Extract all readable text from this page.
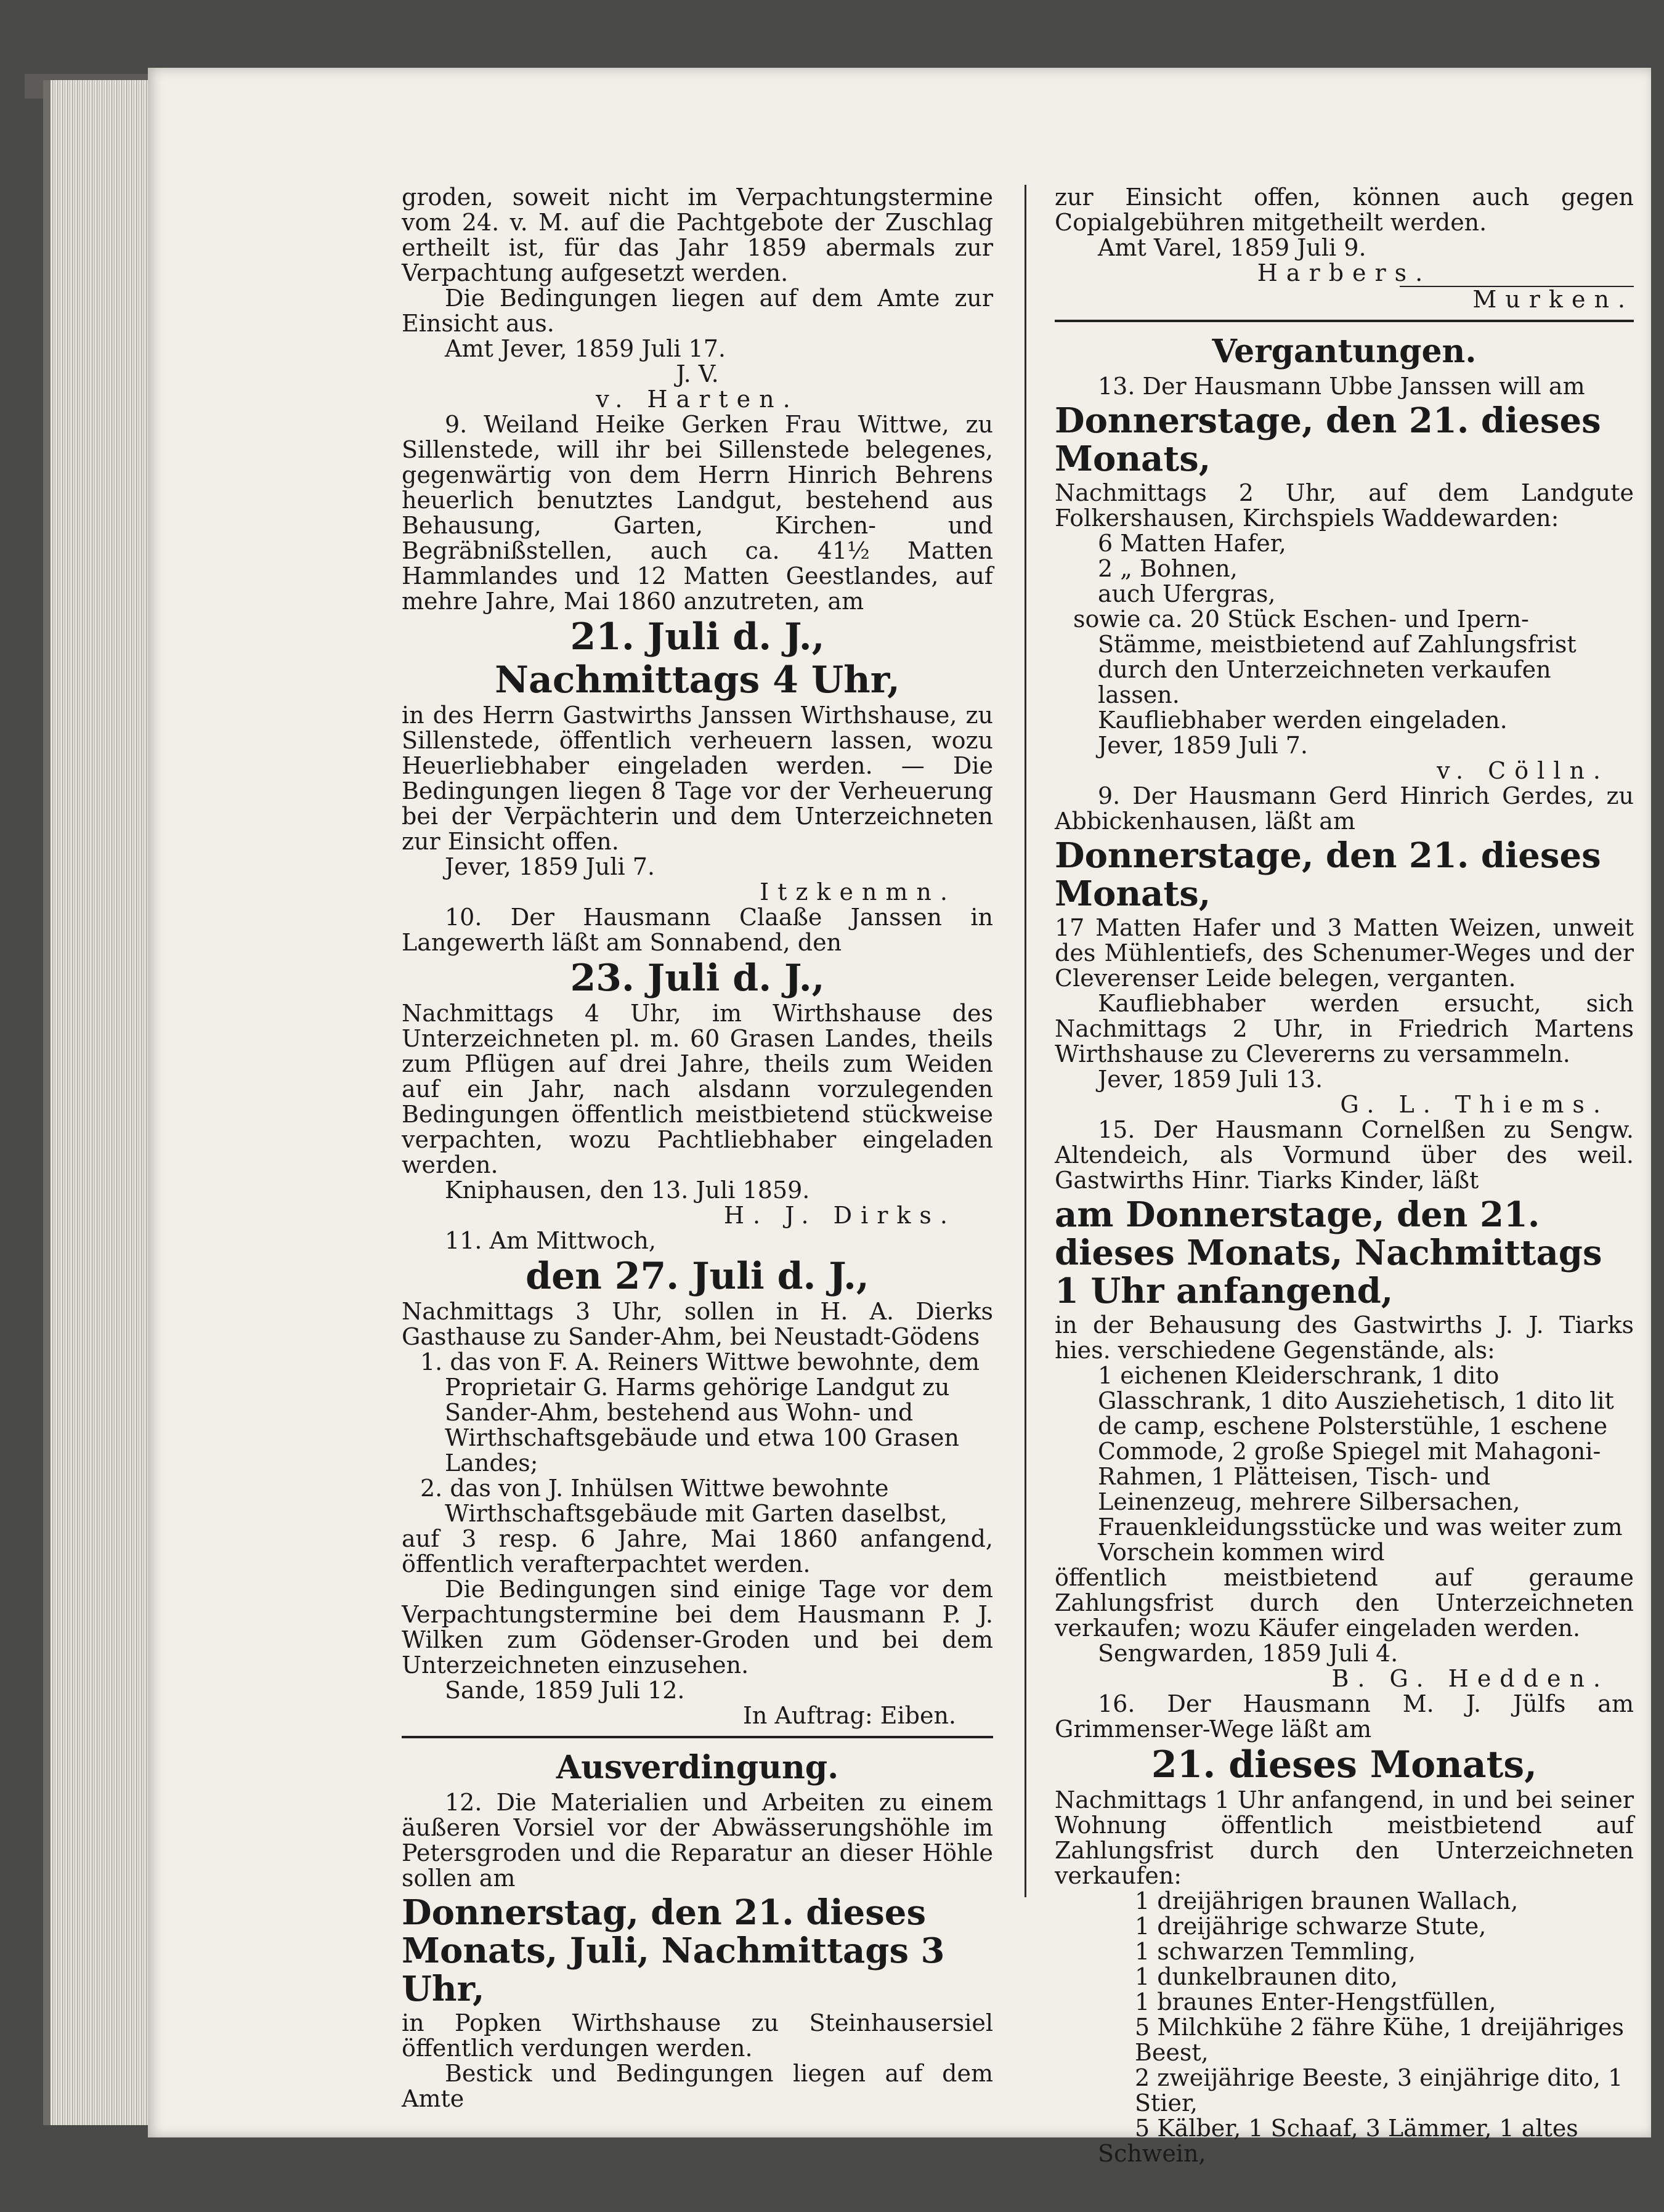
groden, soweit nicht im Verpachtungstermine vom 24. v. M. auf die Pachtgebote der Zuschlag ertheilt ist, für das Jahr 1859 abermals zur Verpachtung aufgesetzt werden.

Die Bedingungen liegen auf dem Amte zur Einsicht aus.

Amt Jever, 1859 Juli 17.

J. V.

v. Harten.

9. Weiland Heike Gerken Frau Wittwe, zu Sillenstede, will ihr bei Sillenstede belegenes, gegenwärtig von dem Herrn Hinrich Behrens heuerlich benutztes Landgut, bestehend aus Behausung, Garten, Kirchen- und Begräbnißstellen, auch ca. 41½ Matten Hammlandes und 12 Matten Geestlandes, auf mehre Jahre, Mai 1860 anzutreten, am

21. Juli d. J.,

Nachmittags 4 Uhr,

in des Herrn Gastwirths Janssen Wirthshause, zu Sillenstede, öffentlich verheuern lassen, wozu Heuerliebhaber eingeladen werden. — Die Bedingungen liegen 8 Tage vor der Verheuerung bei der Verpächterin und dem Unterzeichneten zur Einsicht offen.

Jever, 1859 Juli 7.

Itzkenmn.

10. Der Hausmann Claaße Janssen in Langewerth läßt am Sonnabend, den

23. Juli d. J.,

Nachmittags 4 Uhr, im Wirthshause des Unterzeichneten pl. m. 60 Grasen Landes, theils zum Pflügen auf drei Jahre, theils zum Weiden auf ein Jahr, nach alsdann vorzulegenden Bedingungen öffentlich meistbietend stückweise verpachten, wozu Pachtliebhaber eingeladen werden.

Kniphausen, den 13. Juli 1859.

H. J. Dirks.

11. Am Mittwoch,

den 27. Juli d. J.,

Nachmittags 3 Uhr, sollen in H. A. Dierks Gasthause zu Sander-Ahm, bei Neustadt-Gödens

1. das von F. A. Reiners Wittwe bewohnte, dem Proprietair G. Harms gehörige Landgut zu Sander-Ahm, bestehend aus Wohn- und Wirthschaftsgebäude und etwa 100 Grasen Landes;

2. das von J. Inhülsen Wittwe bewohnte Wirthschaftsgebäude mit Garten daselbst,

auf 3 resp. 6 Jahre, Mai 1860 anfangend, öffentlich verafterpachtet werden.

Die Bedingungen sind einige Tage vor dem Verpachtungstermine bei dem Hausmann P. J. Wilken zum Gödenser-Groden und bei dem Unterzeichneten einzusehen.

Sande, 1859 Juli 12.

In Auftrag: Eiben.

Ausverdingung.

12. Die Materialien und Arbeiten zu einem äußeren Vorsiel vor der Abwässerungshöhle im Petersgroden und die Reparatur an dieser Höhle sollen am

Donnerstag, den 21. dieses Monats, Juli, Nachmittags 3 Uhr,

in Popken Wirthshause zu Steinhausersiel öffentlich verdungen werden.

Bestick und Bedingungen liegen auf dem Amte

zur Einsicht offen, können auch gegen Copialgebühren mitgetheilt werden.

Amt Varel, 1859 Juli 9.

Harbers.

Murken.

Vergantungen.

13. Der Hausmann Ubbe Janssen will am

Donnerstage, den 21. dieses Monats,

Nachmittags 2 Uhr, auf dem Landgute Folkershausen, Kirchspiels Waddewarden:

6 Matten Hafer,

2 „ Bohnen,

auch Ufergras,

sowie ca. 20 Stück Eschen- und Ipern-Stämme, meistbietend auf Zahlungsfrist durch den Unterzeichneten verkaufen lassen.

Kaufliebhaber werden eingeladen.

Jever, 1859 Juli 7.

v. Cölln.

9. Der Hausmann Gerd Hinrich Gerdes, zu Abbickenhausen, läßt am

Donnerstage, den 21. dieses Monats,

17 Matten Hafer und 3 Matten Weizen, unweit des Mühlentiefs, des Schenumer-Weges und der Cleverenser Leide belegen, verganten.

Kaufliebhaber werden ersucht, sich Nachmittags 2 Uhr, in Friedrich Martens Wirthshause zu Clevererns zu versammeln.

Jever, 1859 Juli 13.

G. L. Thiems.

15. Der Hausmann Cornelßen zu Sengw. Altendeich, als Vormund über des weil. Gastwirths Hinr. Tiarks Kinder, läßt

am Donnerstage, den 21. dieses Monats, Nachmittags 1 Uhr anfangend,

in der Behausung des Gastwirths J. J. Tiarks hies. verschiedene Gegenstände, als:

1 eichenen Kleiderschrank, 1 dito Glasschrank, 1 dito Ausziehetisch, 1 dito lit de camp, eschene Polsterstühle, 1 eschene Commode, 2 große Spiegel mit Mahagoni-Rahmen, 1 Plätteisen, Tisch- und Leinenzeug, mehrere Silbersachen, Frauenkleidungsstücke und was weiter zum Vorschein kommen wird

öffentlich meistbietend auf geraume Zahlungsfrist durch den Unterzeichneten verkaufen; wozu Käufer eingeladen werden.

Sengwarden, 1859 Juli 4.

B. G. Hedden.

16. Der Hausmann M. J. Jülfs am Grimmenser-Wege läßt am

21. dieses Monats,

Nachmittags 1 Uhr anfangend, in und bei seiner Wohnung öffentlich meistbietend auf Zahlungsfrist durch den Unterzeichneten verkaufen:

1 dreijährigen braunen Wallach,

1 dreijährige schwarze Stute,

1 schwarzen Temmling,

1 dunkelbraunen dito,

1 braunes Enter-Hengstfüllen,

5 Milchkühe 2 fähre Kühe, 1 dreijähriges Beest,

2 zweijährige Beeste, 3 einjährige dito, 1 Stier,

5 Kälber, 1 Schaaf, 3 Lämmer, 1 altes

Schwein,
